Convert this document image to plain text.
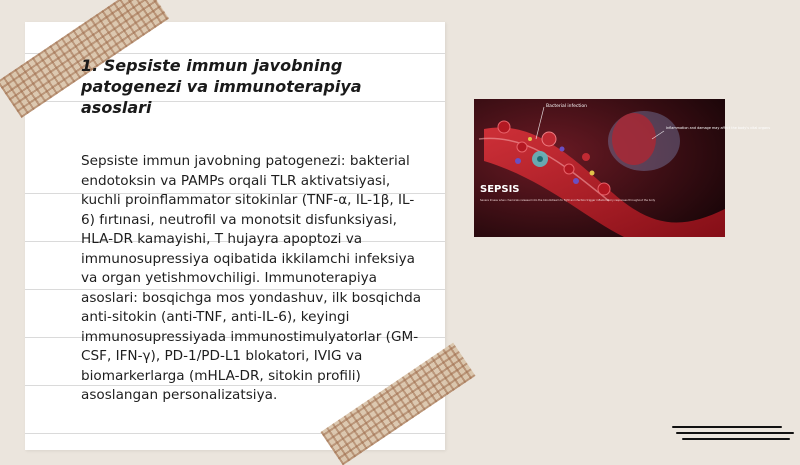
1. Sepsiste immun javobning patogenezi va immunoterapiya asoslari

Sepsiste immun javobning patogenezi: bakterial endotoksin va PAMPs orqali TLR aktivatsiyasi, kuchli proinflammator sitokinlar (TNF-α, IL-1β, IL-6) fırtınasi, neutrofil va monotsit disfunksiyasi, HLA-DR kamayishi, T hujayra apoptozi va immunosupressiya oqibatida ikkilamchi infeksiya va organ yetishmovchiligi. Immunoterapiya asoslari: bosqichga mos yondashuv, ilk bosqichda anti-sitokin (anti-TNF, anti-IL-6), keyingi immunosupressiyada immunostimulyatorlar (GM-CSF, IFN-γ), PD-1/PD-L1 blokatori, IVIG va biomarkerlarga (mHLA-DR, sitokin profili) asoslangan personalizatsiya.

Bacterial infection
Inflammation and damage may affect the body's vital organs
SEPSIS
Severe illness when chemicals released into the bloodstream to fight an infection trigger inflammatory responses throughout the body
